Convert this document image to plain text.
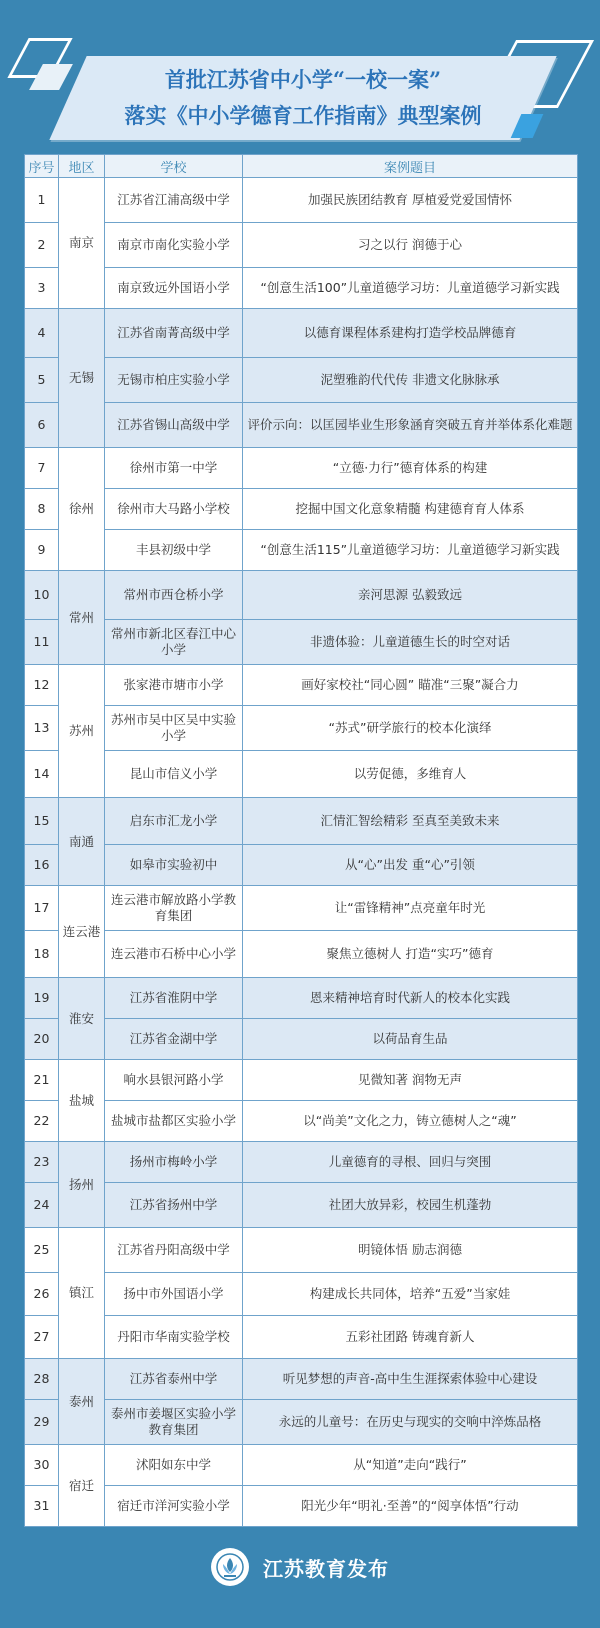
首批江苏省中小学“一校一案”
落实《中小学德育工作指南》典型案例
序号	地区	学校	案例题目
1	南京	江苏省江浦高级中学	加强民族团结教育 厚植爱党爱国情怀
2		南京市南化实验小学	习之以行 润德于心
3		南京致远外国语小学	“创意生活100”儿童道德学习坊：儿童道德学习新实践
4	无锡	江苏省南菁高级中学	以德育课程体系建构打造学校品牌德育
5		无锡市柏庄实验小学	泥塑雅韵代代传 非遗文化脉脉承
6		江苏省锡山高级中学	评价示向：以匡园毕业生形象涵育突破五育并举体系化难题
7	徐州	徐州市第一中学	“立德·力行”德育体系的构建
8		徐州市大马路小学校	挖掘中国文化意象精髓 构建德育育人体系
9		丰县初级中学	“创意生活115”儿童道德学习坊：儿童道德学习新实践
10	常州	常州市西仓桥小学	亲河思源 弘毅致远
11		常州市新北区春江中心小学	非遗体验：儿童道德生长的时空对话
12	苏州	张家港市塘市小学	画好家校社“同心圆” 瞄准“三聚”凝合力
13		苏州市吴中区吴中实验小学	“苏式”研学旅行的校本化演绎
14		昆山市信义小学	以劳促德，多维育人
15	南通	启东市汇龙小学	汇情汇智绘精彩 至真至美致未来
16		如皋市实验初中	从“心”出发 重“心”引领
17	连云港	连云港市解放路小学教育集团	让“雷锋精神”点亮童年时光
18		连云港市石桥中心小学	聚焦立德树人 打造“实巧”德育
19	淮安	江苏省淮阴中学	恩来精神培育时代新人的校本化实践
20		江苏省金湖中学	以荷品育生品
21	盐城	响水县银河路小学	见微知著 润物无声
22		盐城市盐都区实验小学	以“尚美”文化之力，铸立德树人之“魂”
23	扬州	扬州市梅岭小学	儿童德育的寻根、回归与突围
24		江苏省扬州中学	社团大放异彩，校园生机蓬勃
25	镇江	江苏省丹阳高级中学	明镜体悟 励志润德
26		扬中市外国语小学	构建成长共同体，培养“五爱”当家娃
27		丹阳市华南实验学校	五彩社团路 铸魂育新人
28	泰州	江苏省泰州中学	听见梦想的声音-高中生生涯探索体验中心建设
29		泰州市姜堰区实验小学教育集团	永远的儿童号：在历史与现实的交响中淬炼品格
30	宿迁	沭阳如东中学	从“知道”走向“践行”
31		宿迁市洋河实验小学	阳光少年“明礼·至善”的“阅享体悟”行动
江苏教育发布
